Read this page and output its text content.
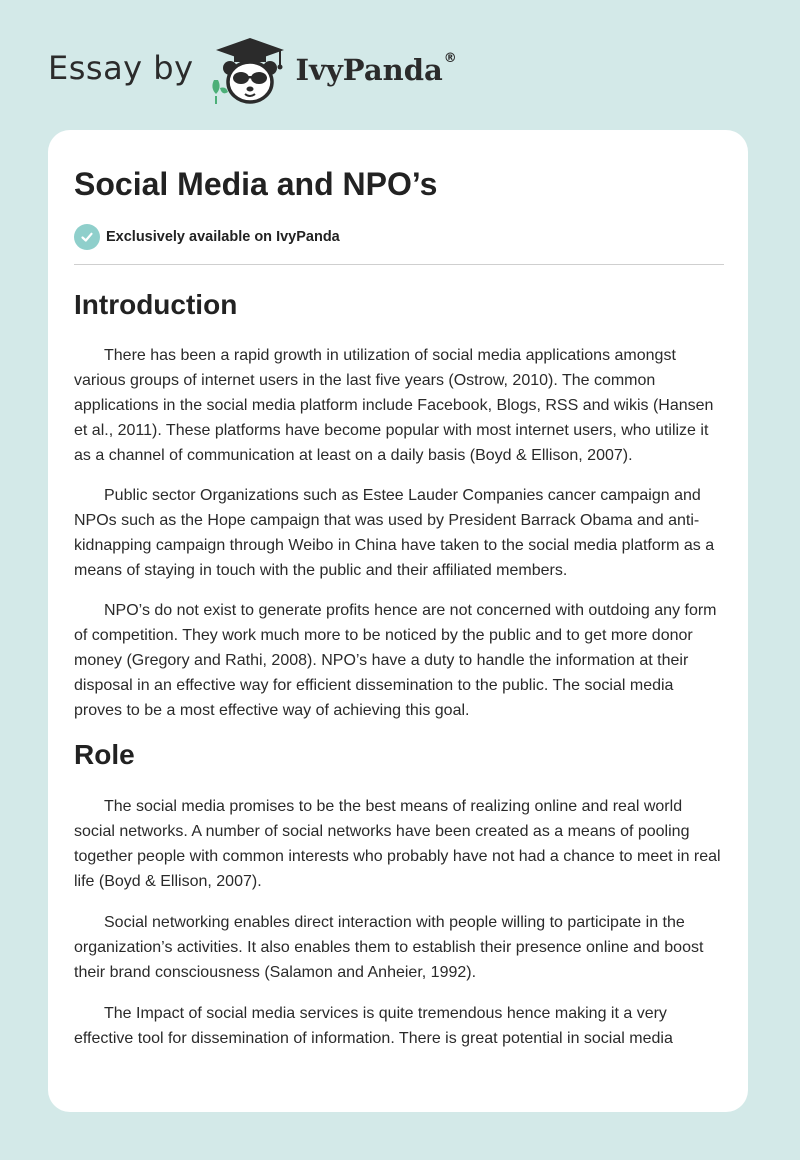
Essay by	IvyPanda®
Social Media and NPO’s
Exclusively available on IvyPanda
Introduction

There has been a rapid growth in utilization of social media applications amongst various groups of internet users in the last five years (Ostrow, 2010). The common applications in the social media platform include Facebook, Blogs, RSS and wikis (Hansen et al., 2011). These platforms have become popular with most internet users, who utilize it as a channel of communication at least on a daily basis (Boyd & Ellison, 2007).

Public sector Organizations such as Estee Lauder Companies cancer campaign and NPOs such as the Hope campaign that was used by President Barrack Obama and anti-kidnapping campaign through Weibo in China have taken to the social media platform as a means of staying in touch with the public and their affiliated members.

NPO’s do not exist to generate profits hence are not concerned with outdoing any form of competition. They work much more to be noticed by the public and to get more donor money (Gregory and Rathi, 2008). NPO’s have a duty to handle the information at their disposal in an effective way for efficient dissemination to the public. The social media proves to be a most effective way of achieving this goal.

Role

The social media promises to be the best means of realizing online and real world social networks. A number of social networks have been created as a means of pooling together people with common interests who probably have not had a chance to meet in real life (Boyd & Ellison, 2007).

Social networking enables direct interaction with people willing to participate in the organization’s activities. It also enables them to establish their presence online and boost their brand consciousness (Salamon and Anheier, 1992).

The Impact of social media services is quite tremendous hence making it a very effective tool for dissemination of information. There is great potential in social media
